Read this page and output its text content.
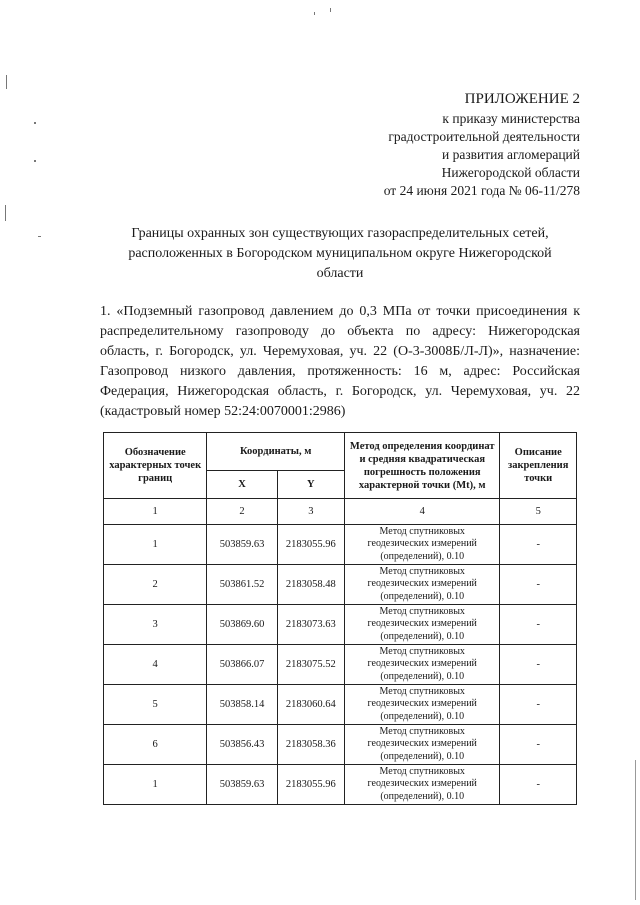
ПРИЛОЖЕНИЕ 2
к приказу министерства
градостроительной деятельности
и развития агломераций
Нижегородской области
от 24 июня 2021 года № 06-11/278
Границы охранных зон существующих газораспределительных сетей,
расположенных в Богородском муниципальном округе Нижегородской
области
1. «Подземный газопровод давлением до 0,3 МПа от точки присоединения к
распределительному газопроводу до объекта по адресу: Нижегородская
область, г. Богородск, ул. Черемуховая, уч. 22 (О-3-3008Б/Л-Л)», назначение:
Газопровод низкого давления, протяженность: 16 м, адрес: Российская
Федерация, Нижегородская область, г. Богородск, ул. Черемуховая, уч. 22
(кадастровый номер 52:24:0070001:2986)
Обозначение характерных точек границ	Координаты, м		Метод определения координат и средняя квадратическая погрешность положения характерной точки (Mt), м	Описание закрепления точки
	X	Y		
1	2	3	4	5
1	503859.63	2183055.96	Метод спутниковых
геодезических измерений
(определений), 0.10	-
2	503861.52	2183058.48	Метод спутниковых
геодезических измерений
(определений), 0.10	-
3	503869.60	2183073.63	Метод спутниковых
геодезических измерений
(определений), 0.10	-
4	503866.07	2183075.52	Метод спутниковых
геодезических измерений
(определений), 0.10	-
5	503858.14	2183060.64	Метод спутниковых
геодезических измерений
(определений), 0.10	-
6	503856.43	2183058.36	Метод спутниковых
геодезических измерений
(определений), 0.10	-
1	503859.63	2183055.96	Метод спутниковых
геодезических измерений
(определений), 0.10	-
